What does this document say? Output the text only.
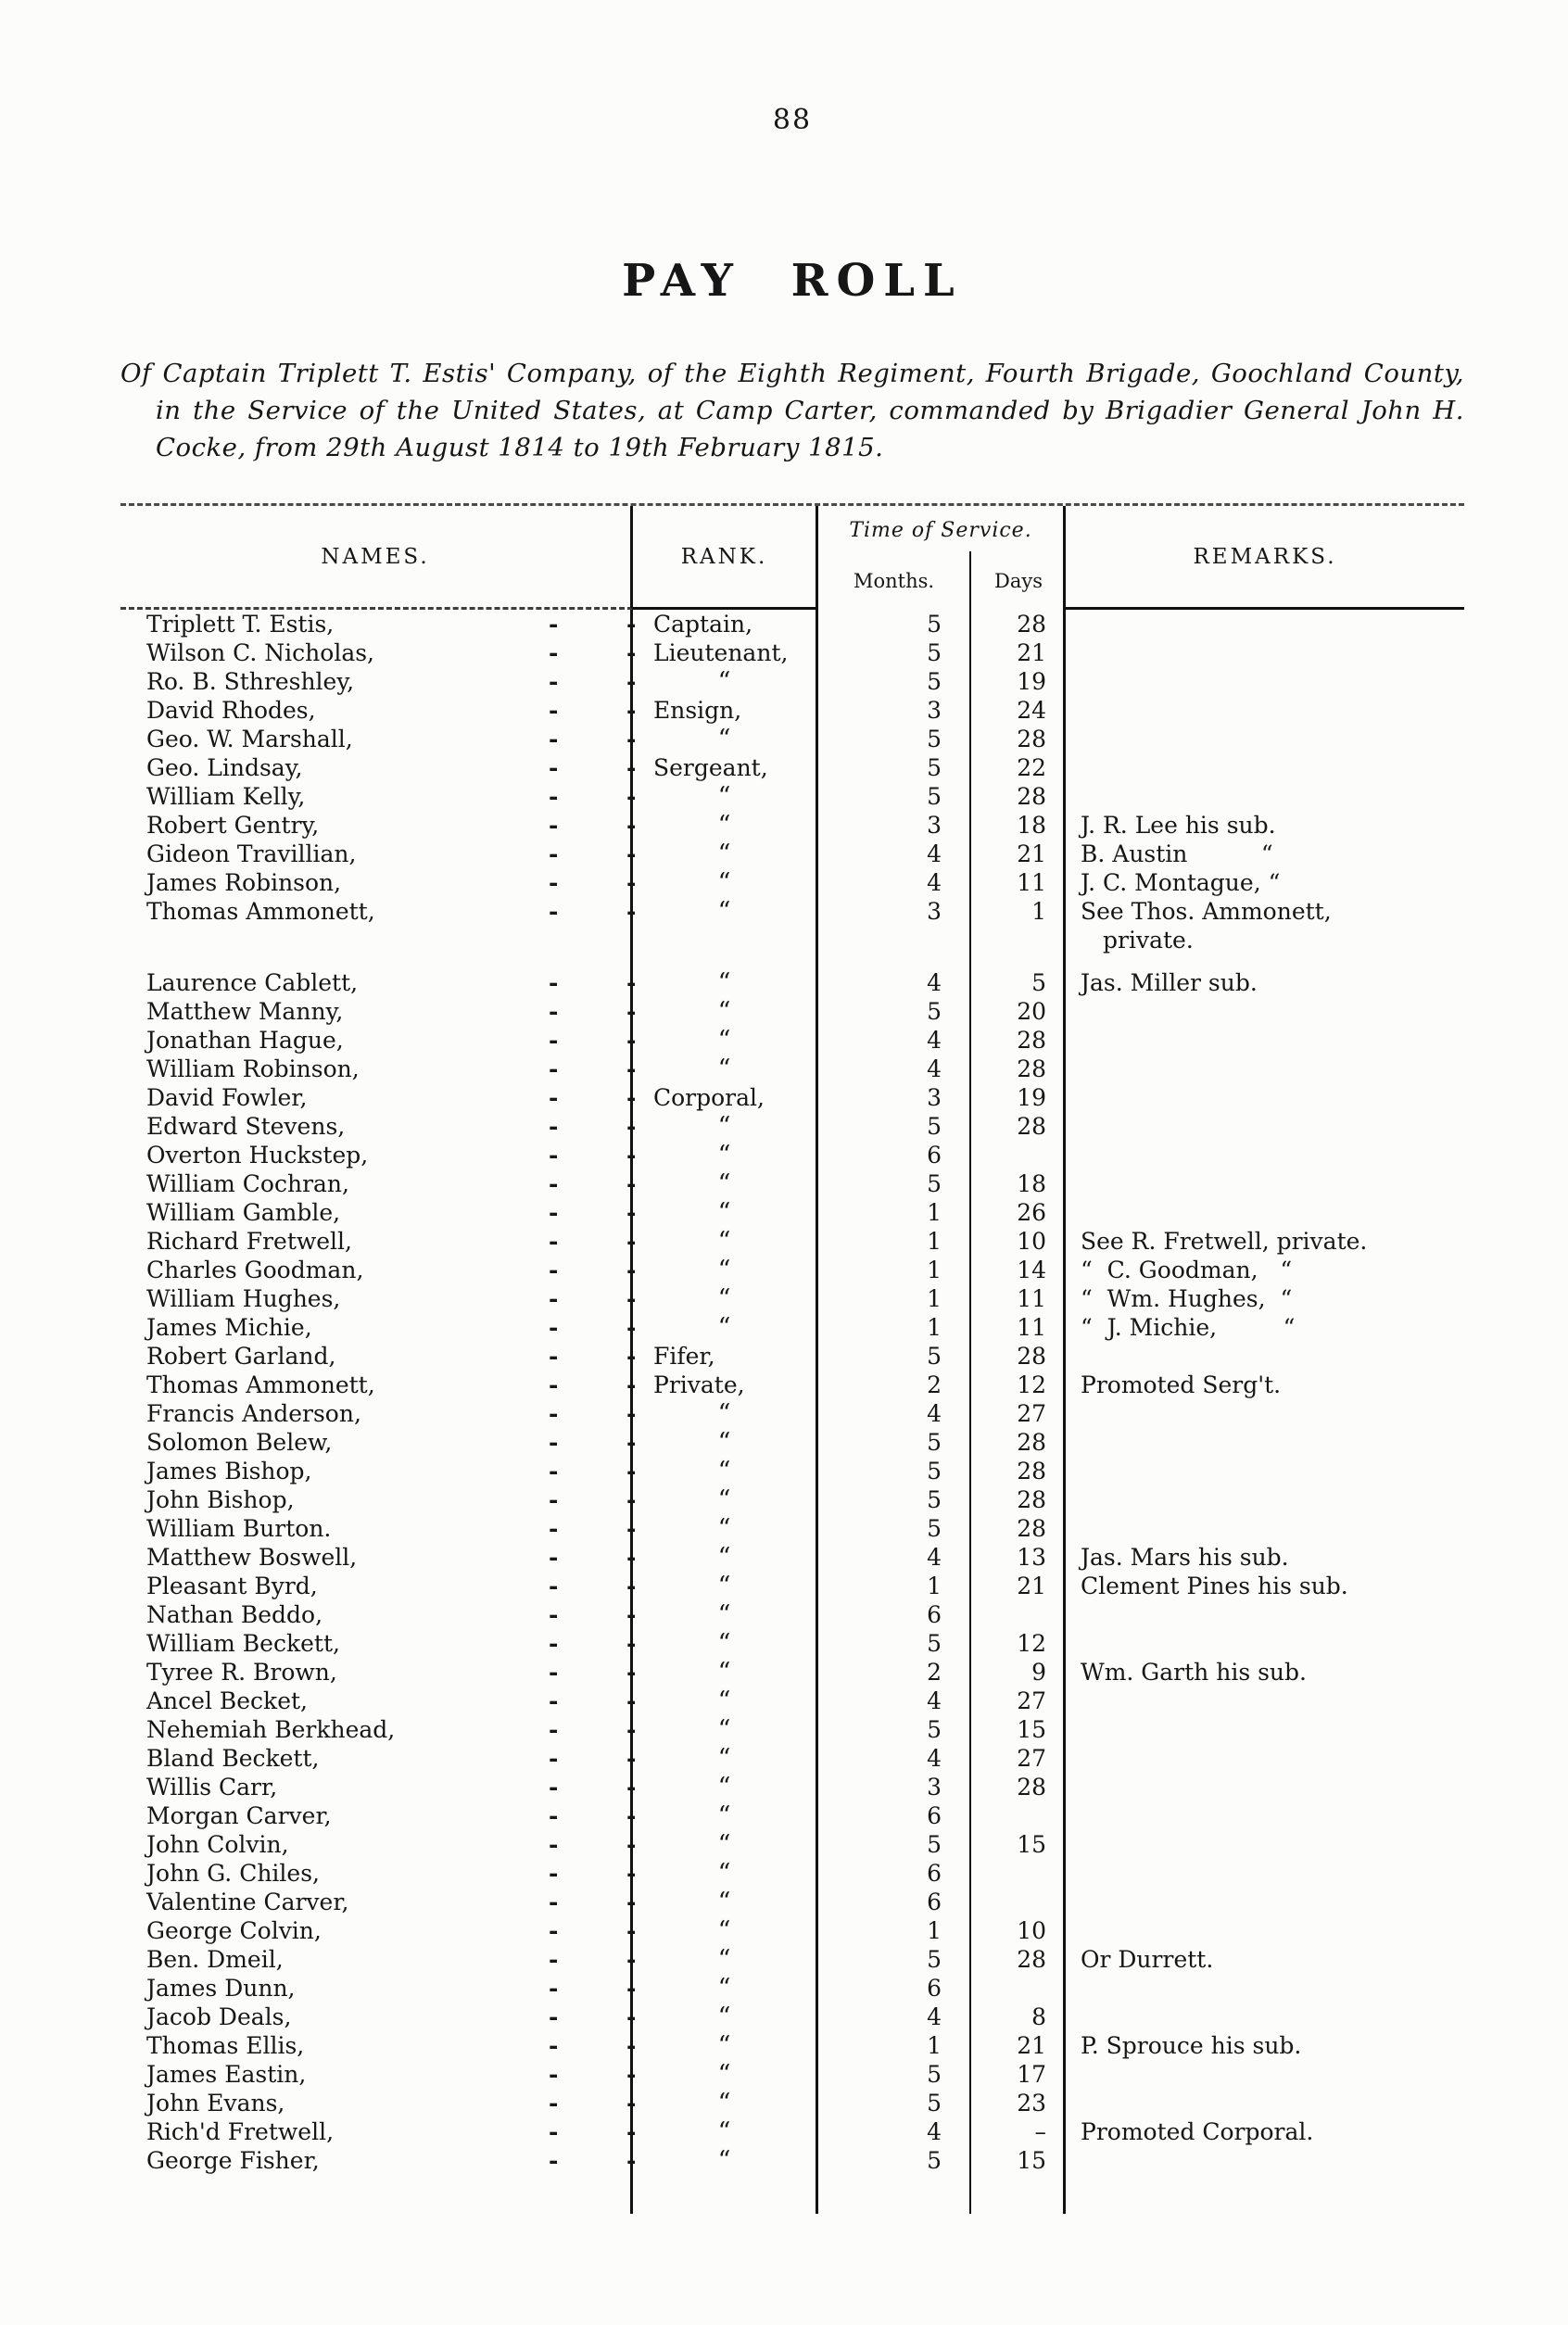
88
PAY ROLL
Of Captain Triplett T. Estis' Company, of the Eighth Regiment, Fourth Brigade, Goochland County, in the Service of the United States, at Camp Carter, commanded by Brigadier General John H. Cocke, from 29th August 1814 to 19th February 1815.
NAMES.	RANK.
Time of Service.
Months.	Days
REMARKS.
Triplett T. Estis,	-	- Captain,	5	28
Wilson C. Nicholas,	-	- Lieutenant,	5	21
Ro. B. Sthreshley,	-	-	“	5	19
David Rhodes,	-	- Ensign,	3	24
Geo. W. Marshall,	-	-	“	5	28
Geo. Lindsay,	-	- Sergeant,	5	22
William Kelly,	-	-	“	5	28
Robert Gentry,	-	-	“	3	18	J. R. Lee his sub.
Gideon Travillian,	-	-	“	4	21	B. Austin          “
James Robinson,	-	-	“	4	11	J. C. Montague, “
Thomas Ammonett,	-	-	“	3	1	See Thos. Ammonett,
private.
Laurence Cablett,	-	-	“	4	5	Jas. Miller sub.
Matthew Manny,	-	-	“	5	20
Jonathan Hague,	-	-	“	4	28
William Robinson,	-	-	“	4	28
David Fowler,	-	- Corporal,	3	19
Edward Stevens,	-	-	“	5	28
Overton Huckstep,	-	-	“	6
William Cochran,	-	-	“	5	18
William Gamble,	-	-	“	1	26
Richard Fretwell,	-	-	“	1	10	See R. Fretwell, private.
Charles Goodman,	-	-	“	1	14	“  C. Goodman,   “
William Hughes,	-	-	“	1	11	“  Wm. Hughes,  “
James Michie,	-	-	“	1	11	“  J. Michie,         “
Robert Garland,	-	- Fifer,	5	28
Thomas Ammonett,	-	- Private,	2	12	Promoted Serg't.
Francis Anderson,	-	-	“	4	27
Solomon Belew,	-	-	“	5	28
James Bishop,	-	-	“	5	28
John Bishop,	-	-	“	5	28
William Burton.	-	-	“	5	28
Matthew Boswell,	-	-	“	4	13	Jas. Mars his sub.
Pleasant Byrd,	-	-	“	1	21	Clement Pines his sub.
Nathan Beddo,	-	-	“	6
William Beckett,	-	-	“	5	12
Tyree R. Brown,	-	-	“	2	9	Wm. Garth his sub.
Ancel Becket,	-	-	“	4	27
Nehemiah Berkhead,	-	-	“	5	15
Bland Beckett,	-	-	“	4	27
Willis Carr,	-	-	“	3	28
Morgan Carver,	-	-	“	6
John Colvin,	-	-	“	5	15
John G. Chiles,	-	-	“	6
Valentine Carver,	-	-	“	6
George Colvin,	-	-	“	1	10
Ben. Dmeil,	-	-	“	5	28	Or Durrett.
James Dunn,	-	-	“	6
Jacob Deals,	-	-	“	4	8
Thomas Ellis,	-	-	“	1	21	P. Sprouce his sub.
James Eastin,	-	-	“	5	17
John Evans,	-	-	“	5	23
Rich'd Fretwell,	-	-	“	4	–	Promoted Corporal.
George Fisher,	-	-	“	5	15
